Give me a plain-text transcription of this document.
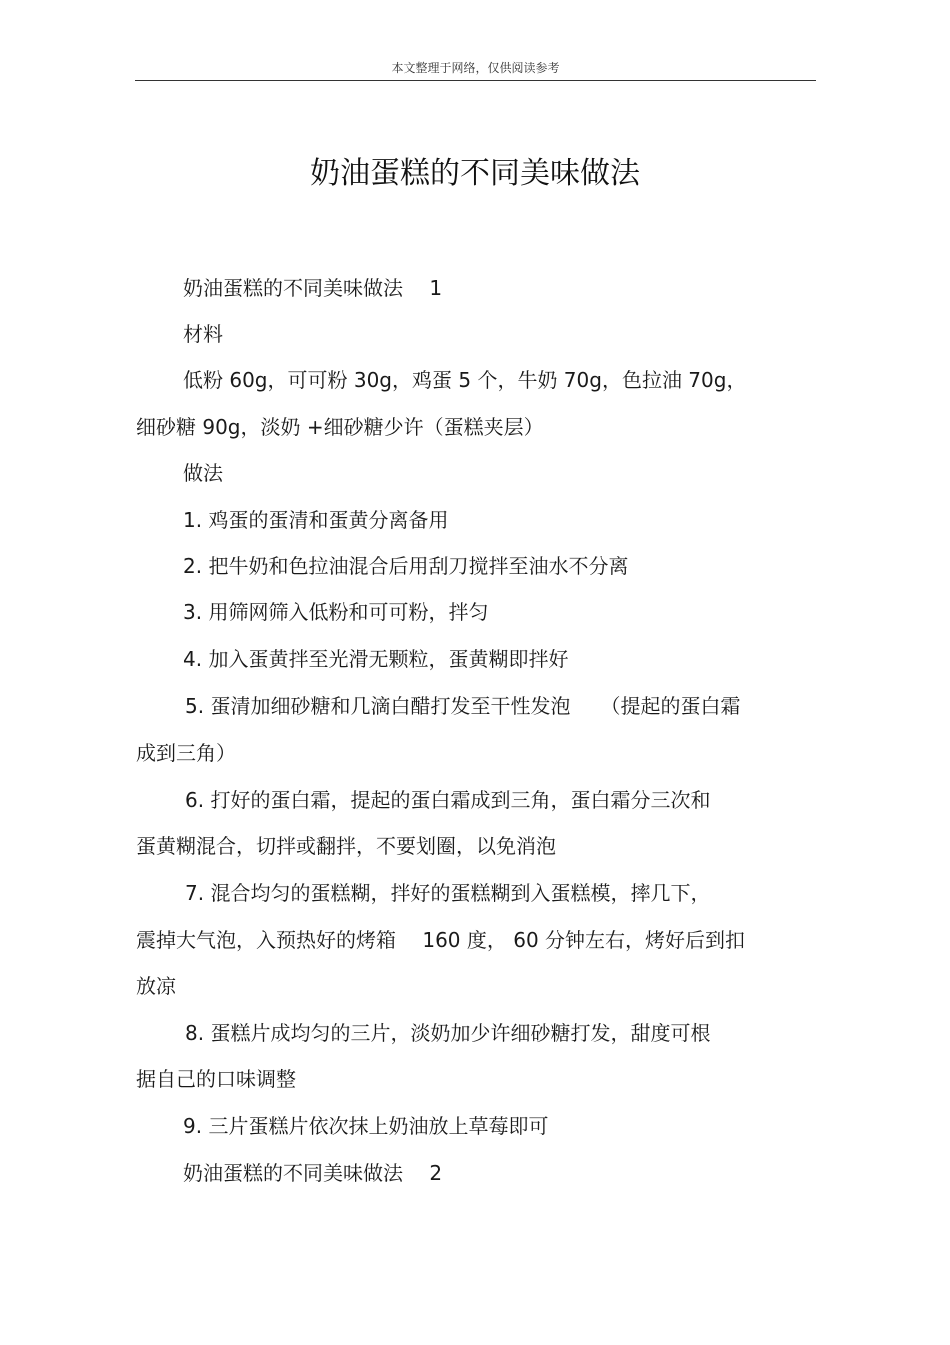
本文整理于网络，仅供阅读参考
奶油蛋糕的不同美味做法
奶油蛋糕的不同美味做法　 1
材料
低粉 60g，可可粉 30g，鸡蛋 5 个，牛奶 70g，色拉油 70g，
细砂糖 90g，淡奶 +细砂糖少许（蛋糕夹层）
做法
1. 鸡蛋的蛋清和蛋黄分离备用
2. 把牛奶和色拉油混合后用刮刀搅拌至油水不分离
3. 用筛网筛入低粉和可可粉，拌匀
4. 加入蛋黄拌至光滑无颗粒，蛋黄糊即拌好
5. 蛋清加细砂糖和几滴白醋打发至干性发泡　　（提起的蛋白霜
成到三角）
6. 打好的蛋白霜，提起的蛋白霜成到三角，蛋白霜分三次和
蛋黄糊混合，切拌或翻拌，不要划圈，以免消泡
7. 混合均匀的蛋糕糊，拌好的蛋糕糊到入蛋糕模，摔几下，
震掉大气泡，入预热好的烤箱　 160 度， 60 分钟左右，烤好后到扣
放凉
8. 蛋糕片成均匀的三片，淡奶加少许细砂糖打发，甜度可根
据自己的口味调整
9. 三片蛋糕片依次抹上奶油放上草莓即可
奶油蛋糕的不同美味做法　 2
